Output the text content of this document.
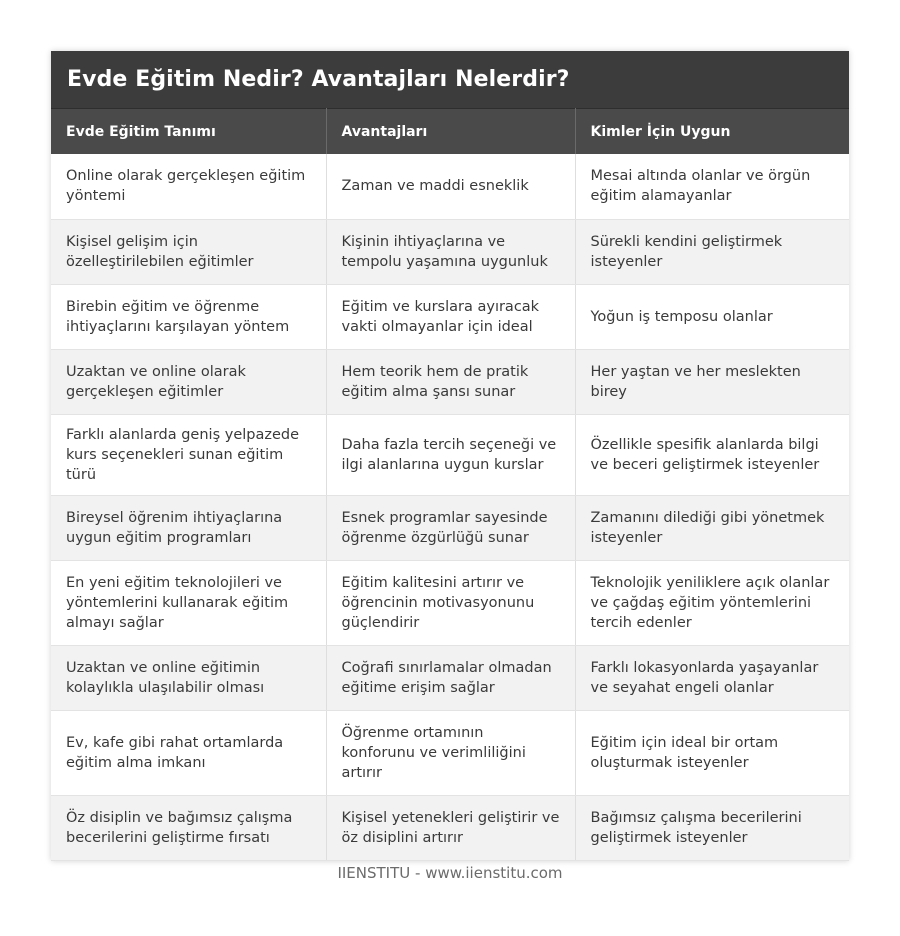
Evde Eğitim Nedir? Avantajları Nelerdir?
Evde Eğitim Tanımı	Avantajları	Kimler İçin Uygun
Online olarak gerçekleşen eğitim yöntemi	Zaman ve maddi esneklik	Mesai altında olanlar ve örgün eğitim alamayanlar
Kişisel gelişim için özelleştirilebilen eğitimler	Kişinin ihtiyaçlarına ve tempolu yaşamına uygunluk	Sürekli kendini geliştirmek isteyenler
Birebin eğitim ve öğrenme ihtiyaçlarını karşılayan yöntem	Eğitim ve kurslara ayıracak vakti olmayanlar için ideal	Yoğun iş temposu olanlar
Uzaktan ve online olarak gerçekleşen eğitimler	Hem teorik hem de pratik eğitim alma şansı sunar	Her yaştan ve her meslekten birey
Farklı alanlarda geniş yelpazede kurs seçenekleri sunan eğitim türü	Daha fazla tercih seçeneği ve ilgi alanlarına uygun kurslar	Özellikle spesifik alanlarda bilgi ve beceri geliştirmek isteyenler
Bireysel öğrenim ihtiyaçlarına uygun eğitim programları	Esnek programlar sayesinde öğrenme özgürlüğü sunar	Zamanını dilediği gibi yönetmek isteyenler
En yeni eğitim teknolojileri ve yöntemlerini kullanarak eğitim almayı sağlar	Eğitim kalitesini artırır ve öğrencinin motivasyonunu güçlendirir	Teknolojik yeniliklere açık olanlar ve çağdaş eğitim yöntemlerini tercih edenler
Uzaktan ve online eğitimin kolaylıkla ulaşılabilir olması	Coğrafi sınırlamalar olmadan eğitime erişim sağlar	Farklı lokasyonlarda yaşayanlar ve seyahat engeli olanlar
Ev, kafe gibi rahat ortamlarda eğitim alma imkanı	Öğrenme ortamının konforunu ve verimliliğini artırır	Eğitim için ideal bir ortam oluşturmak isteyenler
Öz disiplin ve bağımsız çalışma becerilerini geliştirme fırsatı	Kişisel yetenekleri geliştirir ve öz disiplini artırır	Bağımsız çalışma becerilerini geliştirmek isteyenler
IIENSTITU - www.iienstitu.com
